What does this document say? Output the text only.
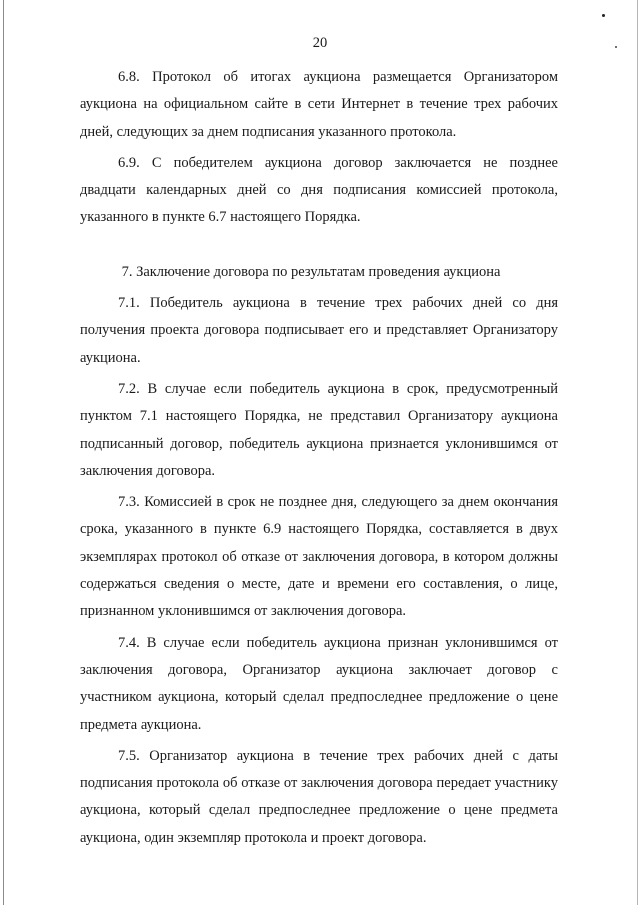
20

6.8. Протокол об итогах аукциона размещается Организатором аукциона на официальном сайте в сети Интернет в течение трех рабочих дней, следующих за днем подписания указанного протокола.

6.9. С победителем аукциона договор заключается не позднее двадцати календарных дней со дня подписания комиссией протокола, указанного в пункте 6.7 настоящего Порядка.

7. Заключение договора по результатам проведения аукциона

7.1. Победитель аукциона в течение трех рабочих дней со дня получения проекта договора подписывает его и представляет Организатору аукциона.

7.2. В случае если победитель аукциона в срок, предусмотренный пунктом 7.1 настоящего Порядка, не представил Организатору аукциона подписанный договор, победитель аукциона признается уклонившимся от заключения договора.

7.3. Комиссией в срок не позднее дня, следующего за днем окончания срока, указанного в пункте 6.9 настоящего Порядка, составляется в двух экземплярах протокол об отказе от заключения договора, в котором должны содержаться сведения о месте, дате и времени его составления, о лице, признанном уклонившимся от заключения договора.

7.4. В случае если победитель аукциона признан уклонившимся от заключения договора, Организатор аукциона заключает договор с участником аукциона, который сделал предпоследнее предложение о цене предмета аукциона.

7.5. Организатор аукциона в течение трех рабочих дней с даты подписания протокола об отказе от заключения договора передает участнику аукциона, который сделал предпоследнее предложение о цене предмета аукциона, один экземпляр протокола и проект договора.
